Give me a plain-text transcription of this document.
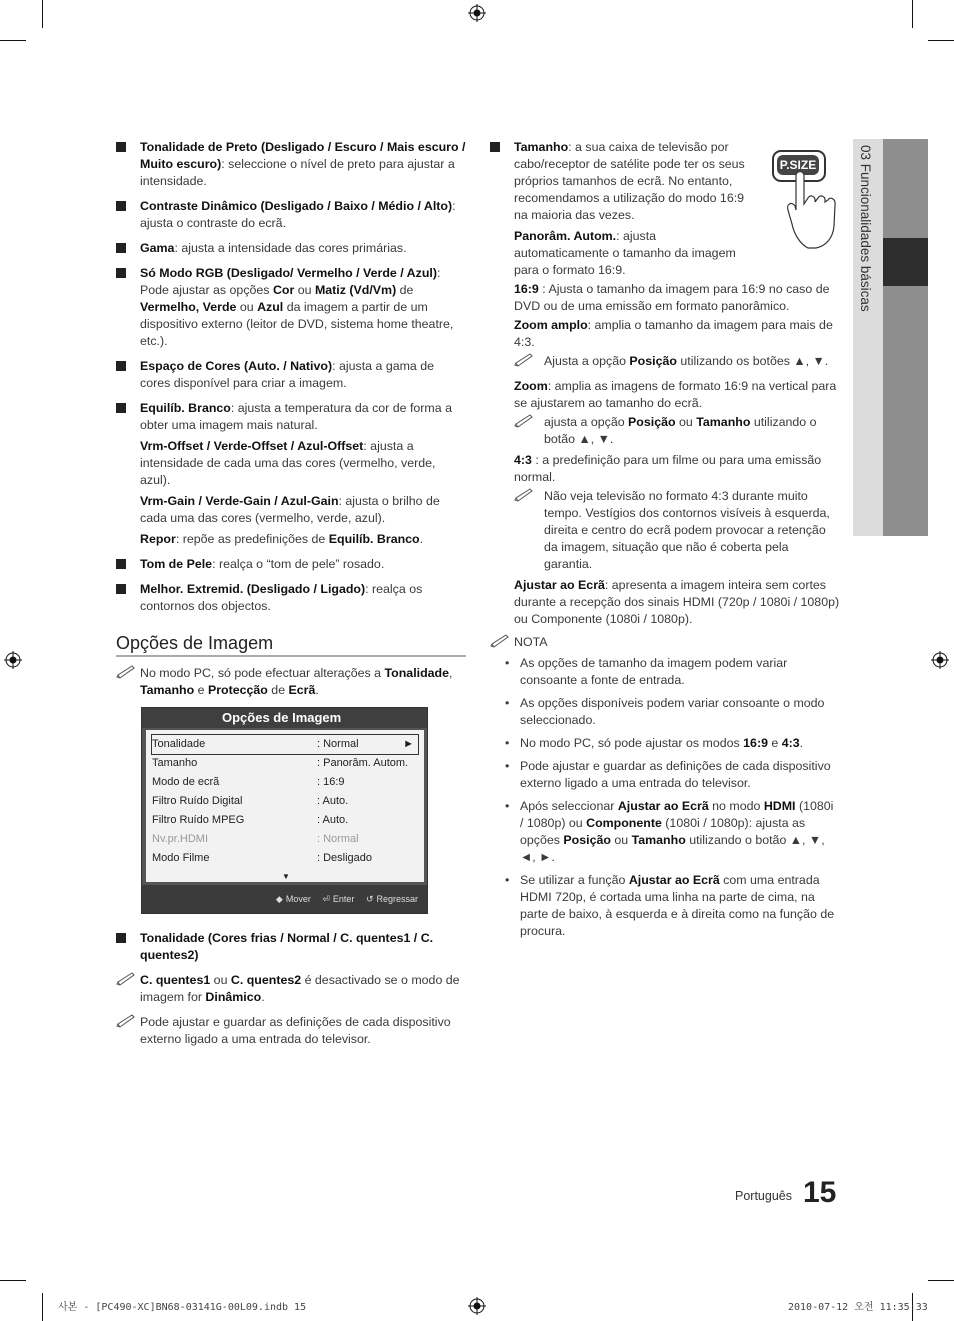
03 Funcionalidades básicas
Tonalidade de Preto (Desligado / Escuro / Mais escuro / Muito escuro): seleccione o nível de preto para ajustar a intensidade.
Contraste Dinâmico (Desligado / Baixo / Médio / Alto): ajusta o contraste do ecrã.
Gama: ajusta a intensidade das cores primárias.
Só Modo RGB (Desligado/ Vermelho / Verde / Azul): Pode ajustar as opções Cor ou Matiz (Vd/Vm) de Vermelho, Verde ou Azul da imagem a partir de um dispositivo externo (leitor de DVD, sistema home theatre, etc.).
Espaço de Cores (Auto. / Nativo): ajusta a gama de cores disponível para criar a imagem.
Equilíb. Branco: ajusta a temperatura da cor de forma a obter uma imagem mais natural.
Vrm-Offset / Verde-Offset / Azul-Offset: ajusta a intensidade de cada uma das cores (vermelho, verde, azul).
Vrm-Gain / Verde-Gain / Azul-Gain: ajusta o brilho de cada uma das cores (vermelho, verde, azul).
Repor: repõe as predefinições de Equilíb. Branco.
Tom de Pele: realça o “tom de pele” rosado.
Melhor. Extremid. (Desligado / Ligado): realça os contornos dos objectos.
Opções de Imagem
No modo PC, só pode efectuar alterações a Tonalidade, Tamanho e Protecção de Ecrã.
Opções de Imagem
Tonalidade	: Normal	►
Tamanho	: Panorâm. Autom.
Modo de ecrã	: 16:9
Filtro Ruído Digital	: Auto.
Filtro Ruído MPEG	: Auto.
Nv.pr.HDMI	: Normal
Modo Filme	: Desligado
▼
◆ Mover ⏎ Enter ↺ Regressar
Tonalidade (Cores frias / Normal / C. quentes1 / C. quentes2)
C. quentes1 ou C. quentes2 é desactivado se o modo de imagem for Dinâmico.
Pode ajustar e guardar as definições de cada dispositivo externo ligado a uma entrada do televisor.
P.SIZE
Tamanho: a sua caixa de televisão por cabo/receptor de satélite pode ter os seus próprios tamanhos de ecrã. No entanto, recomendamos a utilização do modo 16:9 na maioria das vezes.
Panorâm. Autom.: ajusta automaticamente o tamanho da imagem para o formato 16:9.
16:9 : Ajusta o tamanho da imagem para 16:9 no caso de DVD ou de uma emissão em formato panorâmico.
Zoom amplo: amplia o tamanho da imagem para mais de 4:3.
Ajusta a opção Posição utilizando os botões ▲, ▼.
Zoom: amplia as imagens de formato 16:9 na vertical para se ajustarem ao tamanho do ecrã.
ajusta a opção Posição ou Tamanho utilizando o botão ▲, ▼.
4:3 : a predefinição para um filme ou para uma emissão normal.
Não veja televisão no formato 4:3 durante muito tempo. Vestígios dos contornos visíveis à esquerda, direita e centro do ecrã podem provocar a retenção da imagem, situação que não é coberta pela garantia.
Ajustar ao Ecrã: apresenta a imagem inteira sem cortes durante a recepção dos sinais HDMI (720p / 1080i / 1080p) ou Componente (1080i / 1080p).
NOTA
• As opções de tamanho da imagem podem variar consoante a fonte de entrada.
• As opções disponíveis podem variar consoante o modo seleccionado.
• No modo PC, só pode ajustar os modos 16:9 e 4:3.
• Pode ajustar e guardar as definições de cada dispositivo externo ligado a uma entrada do televisor.
• Após seleccionar Ajustar ao Ecrã no modo HDMI (1080i / 1080p) ou Componente (1080i / 1080p): ajusta as opções Posição ou Tamanho utilizando o botão ▲, ▼, ◄, ►.
• Se utilizar a função Ajustar ao Ecrã com uma entrada HDMI 720p, é cortada uma linha na parte de cima, na parte de baixo, à esquerda e à direita como na função de procura.
Português 15
사본 - [PC490-XC]BN68-03141G-00L09.indb 15	2010-07-12 오전 11:35:33
